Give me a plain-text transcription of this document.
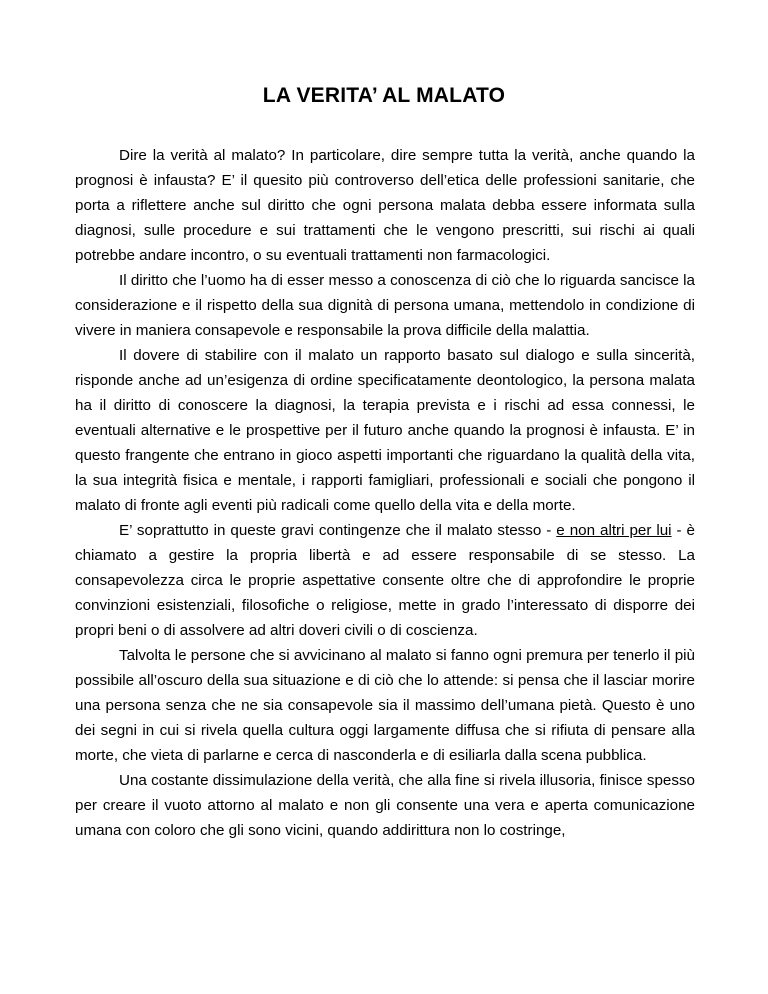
LA VERITA’ AL MALATO

Dire la verità al malato? In particolare, dire sempre tutta la verità, anche quando la prognosi è infausta? E’ il quesito più controverso dell’etica delle professioni sanitarie, che porta a riflettere anche sul diritto che ogni persona malata debba essere informata sulla diagnosi, sulle procedure e sui trattamenti che le vengono prescritti, sui rischi ai quali potrebbe andare incontro, o su eventuali trattamenti non farmacologici.

Il diritto che l’uomo ha di esser messo a conoscenza di ciò che lo riguarda sancisce la considerazione e il rispetto della sua dignità di persona umana, mettendolo in condizione di vivere in maniera consapevole e responsabile la prova difficile della malattia.

Il dovere di stabilire con il malato un rapporto basato sul dialogo e sulla sincerità, risponde anche ad un’esigenza di ordine specificatamente deontologico, la persona malata ha il diritto di conoscere la diagnosi, la terapia prevista e i rischi ad essa connessi, le eventuali alternative e le prospettive per il futuro anche quando la prognosi è infausta. E’ in questo frangente che entrano in gioco aspetti importanti che riguardano la qualità della vita, la sua integrità fisica e mentale, i rapporti famigliari, professionali e sociali che pongono il malato di fronte agli eventi più radicali come quello della vita e della morte.

E’ soprattutto in queste gravi contingenze che il malato stesso - e non altri per lui - è chiamato a gestire la propria libertà e ad essere responsabile di se stesso. La consapevolezza circa le proprie aspettative consente oltre che di approfondire le proprie convinzioni esistenziali, filosofiche o religiose, mette in grado l’interessato di disporre dei propri beni o di assolvere ad altri doveri civili o di coscienza.

Talvolta le persone che si avvicinano al malato si fanno ogni premura per tenerlo il più possibile all’oscuro della sua situazione e di ciò che lo attende: si pensa che il lasciar morire una persona senza che ne sia consapevole sia il massimo dell’umana pietà. Questo è uno dei segni in cui si rivela quella cultura oggi largamente diffusa che si rifiuta di pensare alla morte, che vieta di parlarne e cerca di nasconderla e di esiliarla dalla scena pubblica.

Una costante dissimulazione della verità, che alla fine si rivela illusoria, finisce spesso per creare il vuoto attorno al malato e non gli consente una vera e aperta comunicazione umana con coloro che gli sono vicini, quando addirittura non lo costringe,
